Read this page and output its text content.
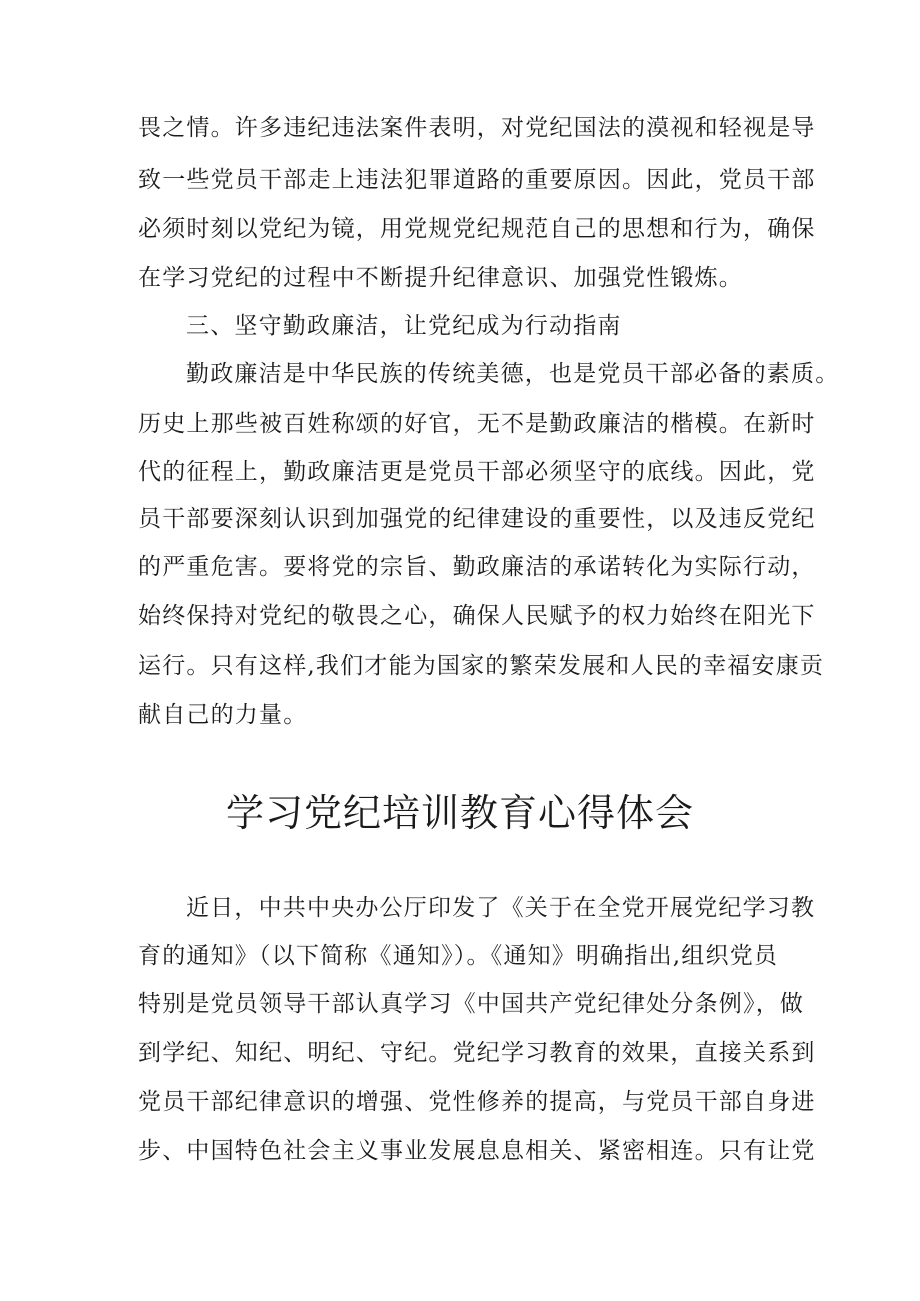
畏之情。许多违纪违法案件表明，对党纪国法的漠视和轻视是导
致一些党员干部走上违法犯罪道路的重要原因。因此，党员干部
必须时刻以党纪为镜，用党规党纪规范自己的思想和行为，确保
在学习党纪的过程中不断提升纪律意识、加强党性锻炼。
三、坚守勤政廉洁，让党纪成为行动指南
勤政廉洁是中华民族的传统美德，也是党员干部必备的素质。
历史上那些被百姓称颂的好官，无不是勤政廉洁的楷模。在新时
代的征程上，勤政廉洁更是党员干部必须坚守的底线。因此，党
员干部要深刻认识到加强党的纪律建设的重要性，以及违反党纪
的严重危害。要将党的宗旨、勤政廉洁的承诺转化为实际行动，
始终保持对党纪的敬畏之心，确保人民赋予的权力始终在阳光下
运行。只有这样,我们才能为国家的繁荣发展和人民的幸福安康贡
献自己的力量。
学习党纪培训教育心得体会
近日，中共中央办公厅印发了《关于在全党开展党纪学习教
育的通知》（以下简称《通知》）。《通知》明确指出,组织党员
特别是党员领导干部认真学习《中国共产党纪律处分条例》，做
到学纪、知纪、明纪、守纪。党纪学习教育的效果，直接关系到
党员干部纪律意识的增强、党性修养的提高，与党员干部自身进
步、中国特色社会主义事业发展息息相关、紧密相连。只有让党
